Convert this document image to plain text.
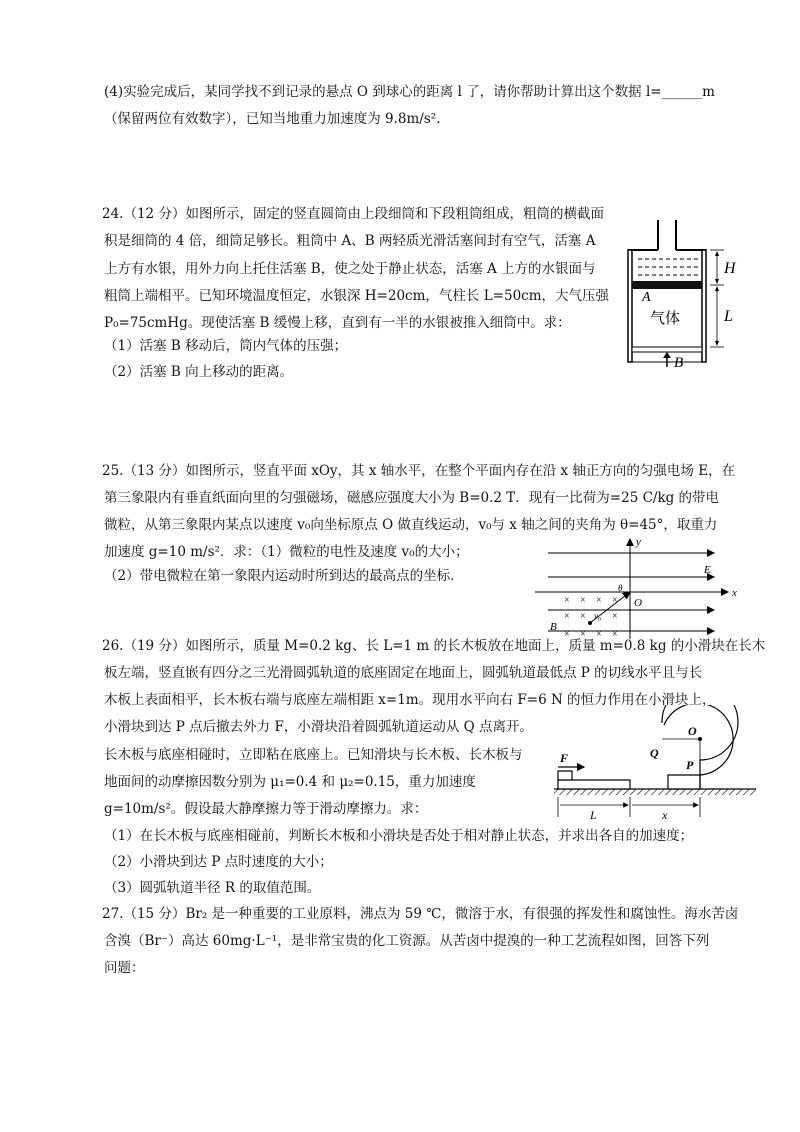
(4)实验完成后，某同学找不到记录的悬点 O 到球心的距离 l 了，请你帮助计算出这个数据 l=______m
（保留两位有效数字），已知当地重力加速度为 9.8m/s².
24.（12 分）如图所示，固定的竖直圆筒由上段细筒和下段粗筒组成，粗筒的横截面
积是细筒的 4 倍，细筒足够长。粗筒中 A、B 两轻质光滑活塞间封有空气，活塞 A
上方有水银，用外力向上托住活塞 B，使之处于静止状态，活塞 A 上方的水银面与
粗筒上端相平。已知环境温度恒定，水银深 H=20cm，气柱长 L=50cm，大气压强
P₀=75cmHg。现使活塞 B 缓慢上移，直到有一半的水银被推入细筒中。求：
（1）活塞 B 移动后，筒内气体的压强；
（2）活塞 B 向上移动的距离。
25.（13 分）如图所示，竖直平面 xOy，其 x 轴水平，在整个平面内存在沿 x 轴正方向的匀强电场 E，在
第三象限内有垂直纸面向里的匀强磁场，磁感应强度大小为 B=0.2 T．现有一比荷为=25 C/kg 的带电
微粒，从第三象限内某点以速度 v₀向坐标原点 O 做直线运动，v₀与 x 轴之间的夹角为 θ=45°，取重力
加速度 g=10 m/s²．求：（1）微粒的电性及速度 v₀的大小；
（2）带电微粒在第一象限内运动时所到达的最高点的坐标．
26.（19 分）如图所示，质量 M=0.2 kg、长 L=1 m 的长木板放在地面上，质量 m=0.8 kg 的小滑块在长木
板左端，竖直嵌有四分之三光滑圆弧轨道的底座固定在地面上，圆弧轨道最低点 P 的切线水平且与长
木板上表面相平，长木板右端与底座左端相距 x=1m。现用水平向右 F=6 N 的恒力作用在小滑块上，
小滑块到达 P 点后撤去外力 F，小滑块沿着圆弧轨道运动从 Q 点离开。
长木板与底座相碰时，立即粘在底座上。已知滑块与长木板、长木板与
地面间的动摩擦因数分别为 μ₁=0.4 和 μ₂=0.15，重力加速度
g=10m/s²。假设最大静摩擦力等于滑动摩擦力。求：
（1）在长木板与底座相碰前，判断长木板和小滑块是否处于相对静止状态，并求出各自的加速度；
（2）小滑块到达 P 点时速度的大小；
（3）圆弧轨道半径 R 的取值范围。
27.（15 分）Br₂ 是一种重要的工业原料，沸点为 59 ℃，微溶于水，有很强的挥发性和腐蚀性。海水苦卤
含溴（Br⁻）高达 60mg·L⁻¹，是非常宝贵的化工资源。从苦卤中提溴的一种工艺流程如图，回答下列
问题：
B
A
气体
H
L
y
E
x
O
× × × ×
× ×	×
× × × ×
B
v₀
θ
F
O
Q
P
L	x
